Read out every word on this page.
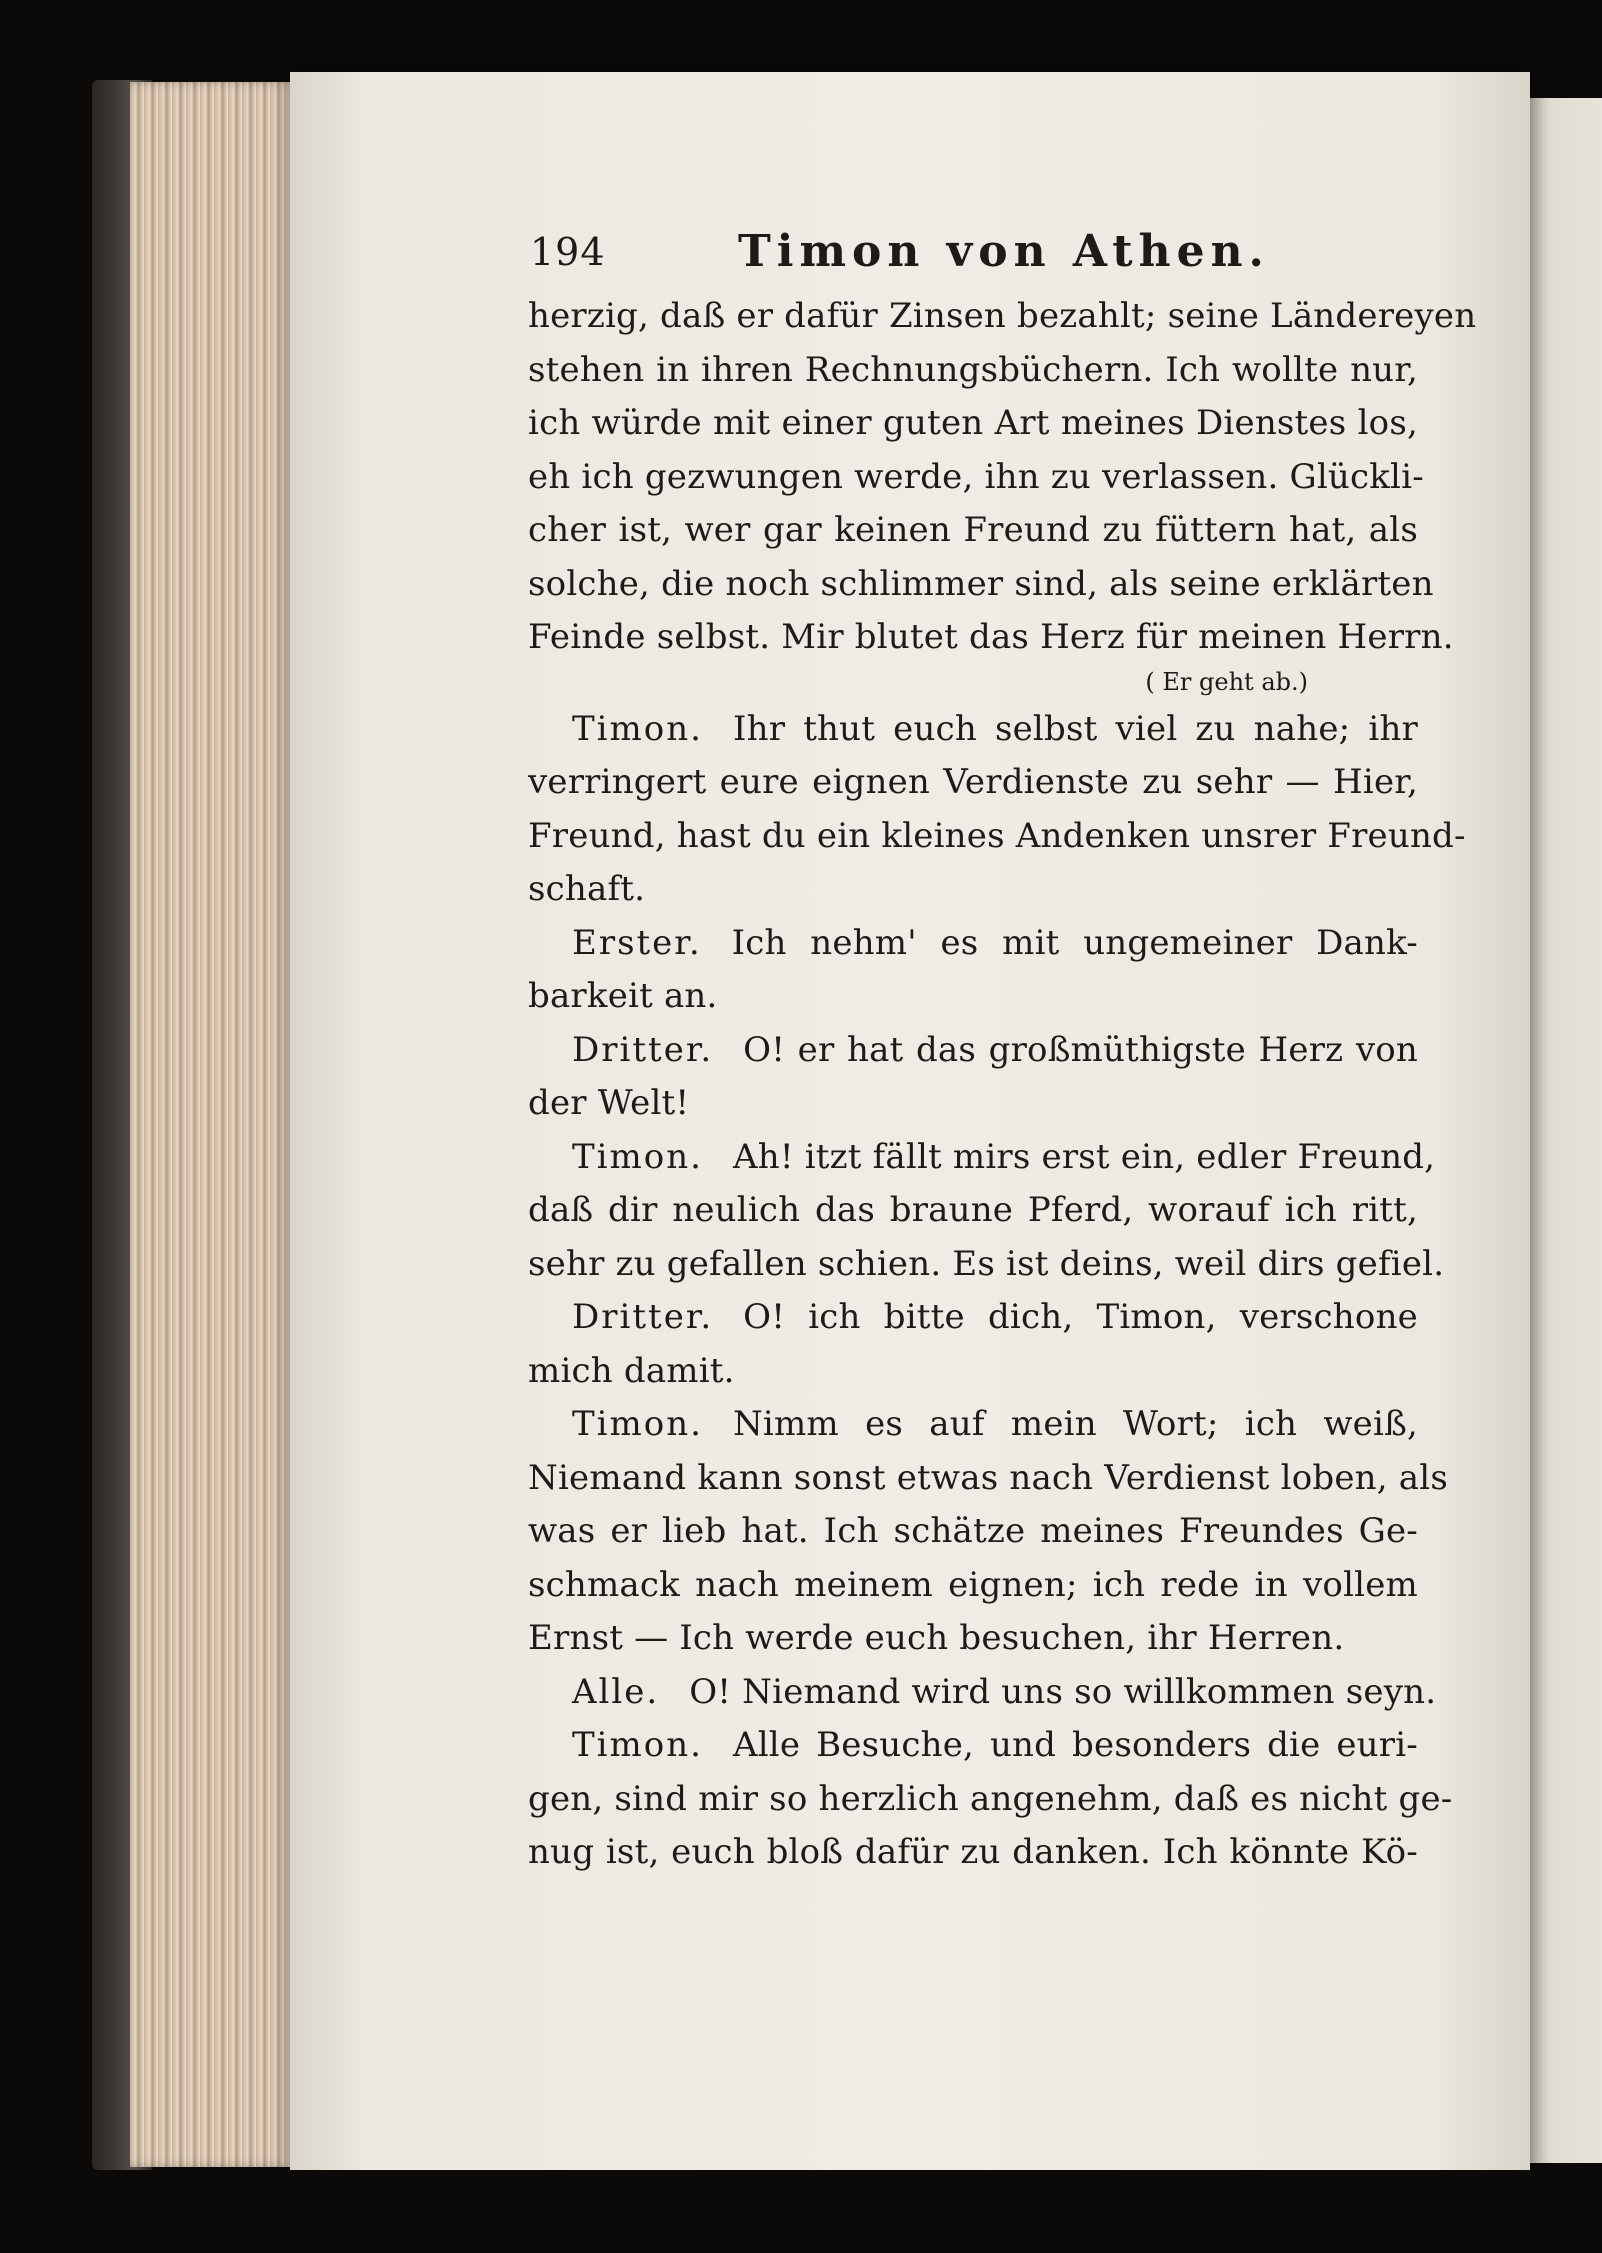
194	Timon von Athen.
herzig, daß er dafür Zinsen bezahlt; seine Ländereyen
stehen in ihren Rechnungsbüchern. Ich wollte nur,
ich würde mit einer guten Art meines Dienstes los,
eh ich gezwungen werde, ihn zu verlassen. Glückli-
cher ist, wer gar keinen Freund zu füttern hat, als
solche, die noch schlimmer sind, als seine erklärten
Feinde selbst. Mir blutet das Herz für meinen Herrn.
( Er geht ab.)
Timon. Ihr thut euch selbst viel zu nahe; ihr
verringert eure eignen Verdienste zu sehr — Hier,
Freund, hast du ein kleines Andenken unsrer Freund-
schaft.
Erster. Ich nehm' es mit ungemeiner Dank-
barkeit an.
Dritter. O! er hat das großmüthigste Herz von
der Welt!
Timon. Ah! itzt fällt mirs erst ein, edler Freund,
daß dir neulich das braune Pferd, worauf ich ritt,
sehr zu gefallen schien. Es ist deins, weil dirs gefiel.
Dritter. O! ich bitte dich, Timon, verschone
mich damit.
Timon. Nimm es auf mein Wort; ich weiß,
Niemand kann sonst etwas nach Verdienst loben, als
was er lieb hat. Ich schätze meines Freundes Ge-
schmack nach meinem eignen; ich rede in vollem
Ernst — Ich werde euch besuchen, ihr Herren.
Alle. O! Niemand wird uns so willkommen seyn.
Timon. Alle Besuche, und besonders die euri-
gen, sind mir so herzlich angenehm, daß es nicht ge-
nug ist, euch bloß dafür zu danken. Ich könnte Kö-
